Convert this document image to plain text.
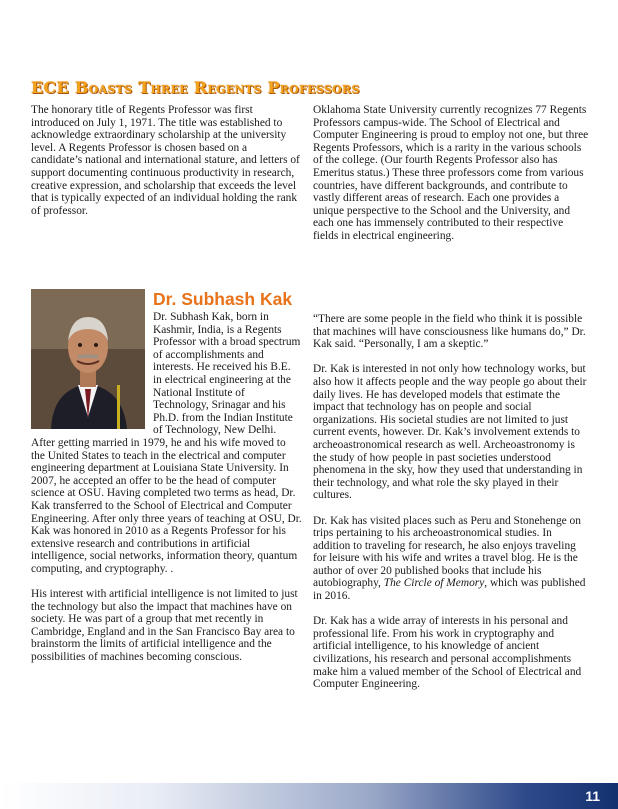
ECE Boasts Three Regents Professors

The honorary title of Regents Professor was first introduced on July 1, 1971. The title was established to acknowledge extraordinary scholarship at the university level. A Regents Professor is chosen based on a candidate’s national and international stature, and letters of support documenting continuous productivity in research, creative expression, and scholarship that exceeds the level that is typically expected of an individual holding the rank of professor.

Oklahoma State University currently recognizes 77 Regents Professors campus-wide. The School of Electrical and Computer Engineering is proud to employ not one, but three Regents Professors, which is a rarity in the various schools of the college. (Our fourth Regents Professor also has Emeritus status.) These three professors come from various countries, have different backgrounds, and contribute to vastly different areas of research. Each one provides a unique perspective to the School and the University, and each one has immensely contributed to their respective fields in electrical engineering.

Dr. Subhash Kak

Dr. Subhash Kak, born in Kashmir, India, is a Regents Professor with a broad spectrum of accomplishments and interests. He received his B.E. in electrical engineering at the National Institute of Technology, Srinagar and his Ph.D. from the Indian Institute of Technology, New Delhi. After getting married in 1979, he and his wife moved to the United States to teach in the electrical and computer engineering department at Louisiana State University. In 2007, he accepted an offer to be the head of computer science at OSU. Having completed two terms as head, Dr. Kak transferred to the School of Electrical and Computer Engineering. After only three years of teaching at OSU, Dr. Kak was honored in 2010 as a Regents Professor for his extensive research and contributions in artificial intelligence, social networks, information theory, quantum computing, and cryptography. .

His interest with artificial intelligence is not limited to just the technology but also the impact that machines have on society. He was part of a group that met recently in Cambridge, England and in the San Francisco Bay area to brainstorm the limits of artificial intelligence and the possibilities of machines becoming conscious.

“There are some people in the field who think it is possible that machines will have consciousness like humans do,” Dr. Kak said. “Personally, I am a skeptic.”

Dr. Kak is interested in not only how technology works, but also how it affects people and the way people go about their daily lives. He has developed models that estimate the impact that technology has on people and social organizations. His societal studies are not limited to just current events, however. Dr. Kak’s involvement extends to archeoastronomical research as well. Archeoastronomy is the study of how people in past societies understood phenomena in the sky, how they used that understanding in their technology, and what role the sky played in their cultures.

Dr. Kak has visited places such as Peru and Stonehenge on trips pertaining to his archeoastronomical studies. In addition to traveling for research, he also enjoys traveling for leisure with his wife and writes a travel blog. He is the author of over 20 published books that include his autobiography, The Circle of Memory, which was published in 2016.

Dr. Kak has a wide array of interests in his personal and professional life. From his work in cryptography and artificial intelligence, to his knowledge of ancient civilizations, his research and personal accomplishments make him a valued member of the School of Electrical and Computer Engineering.

11
